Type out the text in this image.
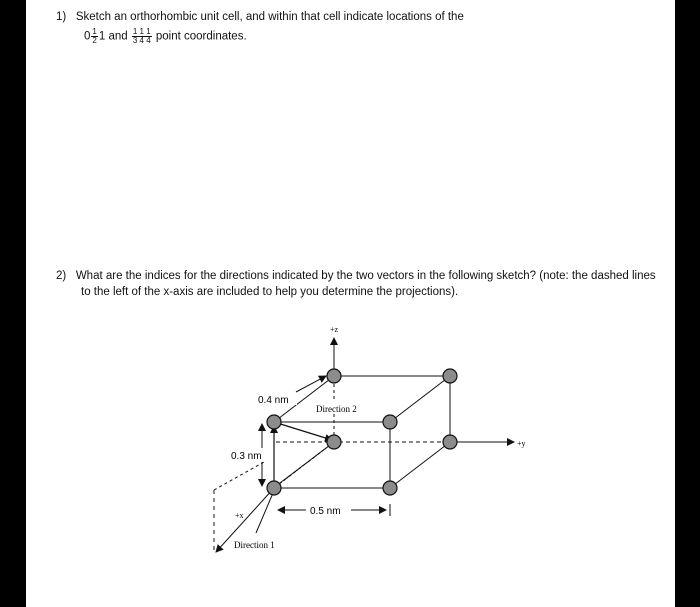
1) Sketch an orthorhombic unit cell, and within that cell indicate locations of the
$0 \frac{1}{2} 1$ and $\frac{1 1 1}{3 4 4}$ point coordinates.
2) What are the indices for the directions indicated by the two vectors in the following sketch? (note: the dashed lines
to the left of the x-axis are included to help you determine the projections).
+z
+y
+x
0.4 nm
0.3 nm
0.5 nm
Direction 2
Direction 1
